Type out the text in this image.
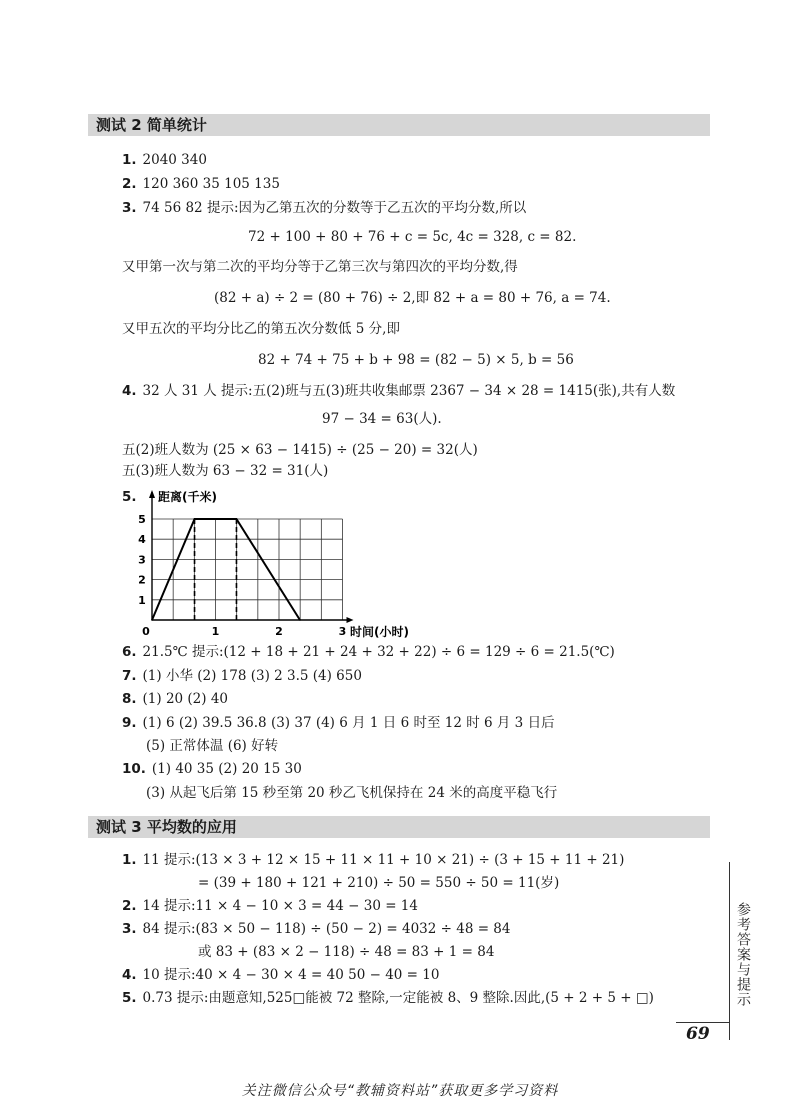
测试 2 简单统计
1. 2040 340
2. 120 360 35 105 135
3. 74 56 82 提示:因为乙第五次的分数等于乙五次的平均分数,所以
72 + 100 + 80 + 76 + c = 5c, 4c = 328, c = 82.
又甲第一次与第二次的平均分等于乙第三次与第四次的平均分数,得
(82 + a) ÷ 2 = (80 + 76) ÷ 2,即 82 + a = 80 + 76, a = 74.
又甲五次的平均分比乙的第五次分数低 5 分,即
82 + 74 + 75 + b + 98 = (82 − 5) × 5, b = 56
4. 32 人 31 人 提示:五(2)班与五(3)班共收集邮票 2367 − 34 × 28 = 1415(张),共有人数
97 − 34 = 63(人).
五(2)班人数为 (25 × 63 − 1415) ÷ (25 − 20) = 32(人)
五(3)班人数为 63 − 32 = 31(人)
5.
1
2
3
4
5
0	1	2	3
距离(千米)
时间(小时)
6. 21.5℃ 提示:(12 + 18 + 21 + 24 + 32 + 22) ÷ 6 = 129 ÷ 6 = 21.5(℃)
7. (1) 小华 (2) 178 (3) 2 3.5 (4) 650
8. (1) 20 (2) 40
9. (1) 6 (2) 39.5 36.8 (3) 37 (4) 6 月 1 日 6 时至 12 时 6 月 3 日后
(5) 正常体温 (6) 好转
10. (1) 40 35 (2) 20 15 30
(3) 从起飞后第 15 秒至第 20 秒乙飞机保持在 24 米的高度平稳飞行
测试 3 平均数的应用
1. 11 提示:(13 × 3 + 12 × 15 + 11 × 11 + 10 × 21) ÷ (3 + 15 + 11 + 21)
= (39 + 180 + 121 + 210) ÷ 50 = 550 ÷ 50 = 11(岁)
2. 14 提示:11 × 4 − 10 × 3 = 44 − 30 = 14
3. 84 提示:(83 × 50 − 118) ÷ (50 − 2) = 4032 ÷ 48 = 84
或 83 + (83 × 2 − 118) ÷ 48 = 83 + 1 = 84
4. 10 提示:40 × 4 − 30 × 4 = 40 50 − 40 = 10
5. 0.73 提示:由题意知,525□能被 72 整除,一定能被 8、9 整除.因此,(5 + 2 + 5 + □)	参考答案与提示
69
关注微信公众号“教辅资料站”获取更多学习资料
